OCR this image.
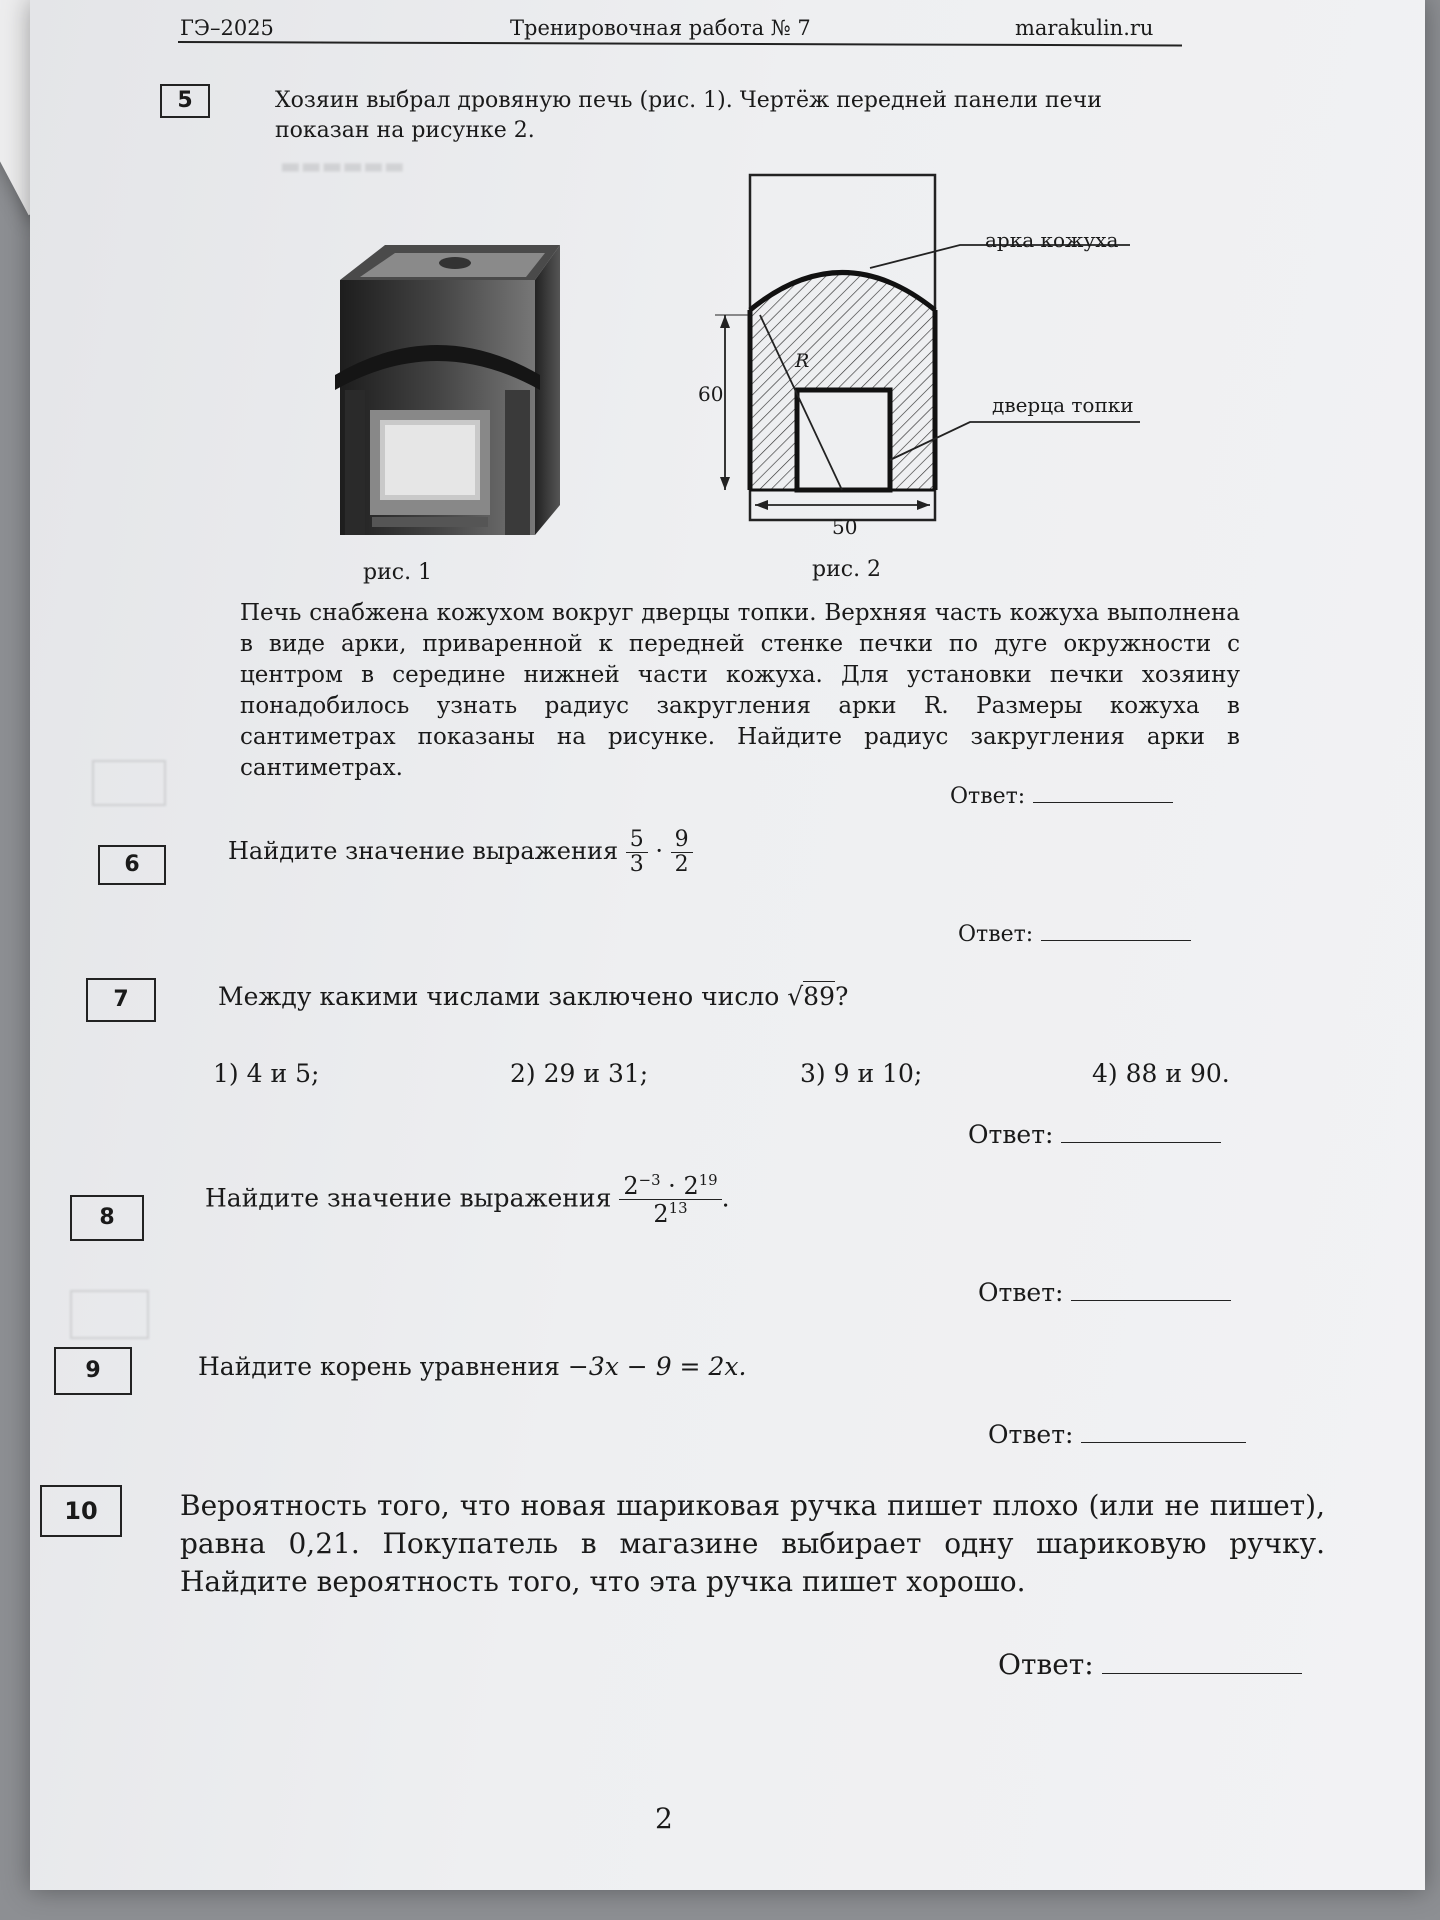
▬▬▬▬▬▬
ГЭ–2025	Тренировочная работа № 7	marakulin.ru
5	Хозяин выбрал дровяную печь (рис. 1). Чертёж передней панели печи показан на рисунке 2.
рис. 1
арка кожуха
дверца топки
R
60
50
рис. 2
Печь снабжена кожухом вокруг дверцы топки. Верхняя часть кожуха выполнена в виде арки, приваренной к передней стенке печки по дуге окружности с центром в середине нижней части кожуха. Для установки печки хозяину понадобилось узнать радиус закругления арки R. Размеры кожуха в сантиметрах показаны на рисунке. Найдите радиус закругления арки в сантиметрах.
Ответ:
6	Найдите значение выражения $\frac{5}{3} \cdot \frac{9}{2}$
Ответ:
7	Между какими числами заключено число √89?
1) 4 и 5;	2) 29 и 31;	3) 9 и 10;	4) 88 и 90.
Ответ:
8
Найдите значение выражения $\frac{2^{-3} \cdot 2^{19}}{2^{13}}$ .
Ответ:
9	Найдите корень уравнения −3x − 9 = 2x.
Ответ:
10	Вероятность того, что новая шариковая ручка пишет плохо (или не пишет), равна 0,21. Покупатель в магазине выбирает одну шариковую ручку. Найдите вероятность того, что эта ручка пишет хорошо.
Ответ:
2
